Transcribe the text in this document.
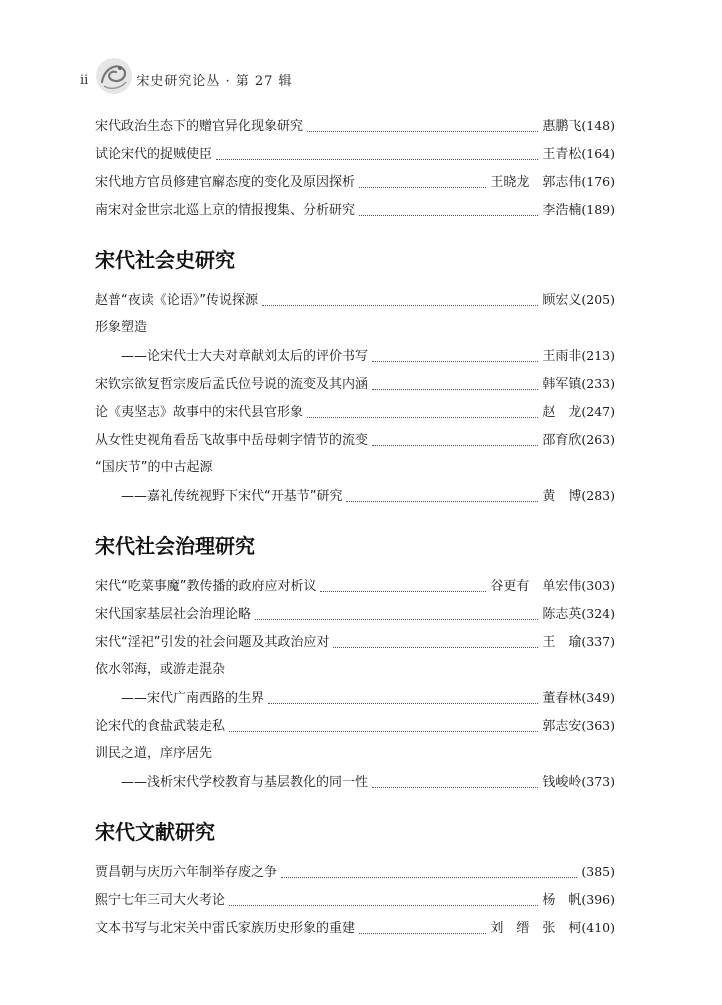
ii	宋史研究论丛 · 第 27 辑
宋代政治生态下的赠官异化现象研究	惠鹏飞 (148)
试论宋代的捉贼使臣	王青松 (164)
宋代地方官员修建官廨态度的变化及原因探析	王晓龙　郭志伟 (176)
南宋对金世宗北巡上京的情报搜集、分析研究	李浩楠 (189)
宋代社会史研究
赵普“夜读《论语》”传说探源	顾宏义 (205)
形象塑造
——论宋代士大夫对章献刘太后的评价书写	王雨非 (213)
宋钦宗欲复哲宗废后孟氏位号说的流变及其内涵	韩军镇 (233)
论《夷坚志》故事中的宋代县官形象	赵　龙 (247)
从女性史视角看岳飞故事中岳母刺字情节的流变	邵育欣 (263)
“国庆节”的中古起源
——嘉礼传统视野下宋代“开基节”研究	黄　博 (283)
宋代社会治理研究
宋代“吃菜事魔”教传播的政府应对析议	谷更有　单宏伟 (303)
宋代国家基层社会治理论略	陈志英 (324)
宋代“淫祀”引发的社会问题及其政治应对	王　瑜 (337)
依水邻海，或游走混杂
——宋代广南西路的生界	董春林 (349)
论宋代的食盐武装走私	郭志安 (363)
训民之道，庠序居先
——浅析宋代学校教育与基层教化的同一性	钱峻岭 (373)
宋代文献研究
贾昌朝与庆历六年制举存废之争	(385)
熙宁七年三司大火考论	杨　帆 (396)
文本书写与北宋关中雷氏家族历史形象的重建	刘　缙　张　柯 (410)
